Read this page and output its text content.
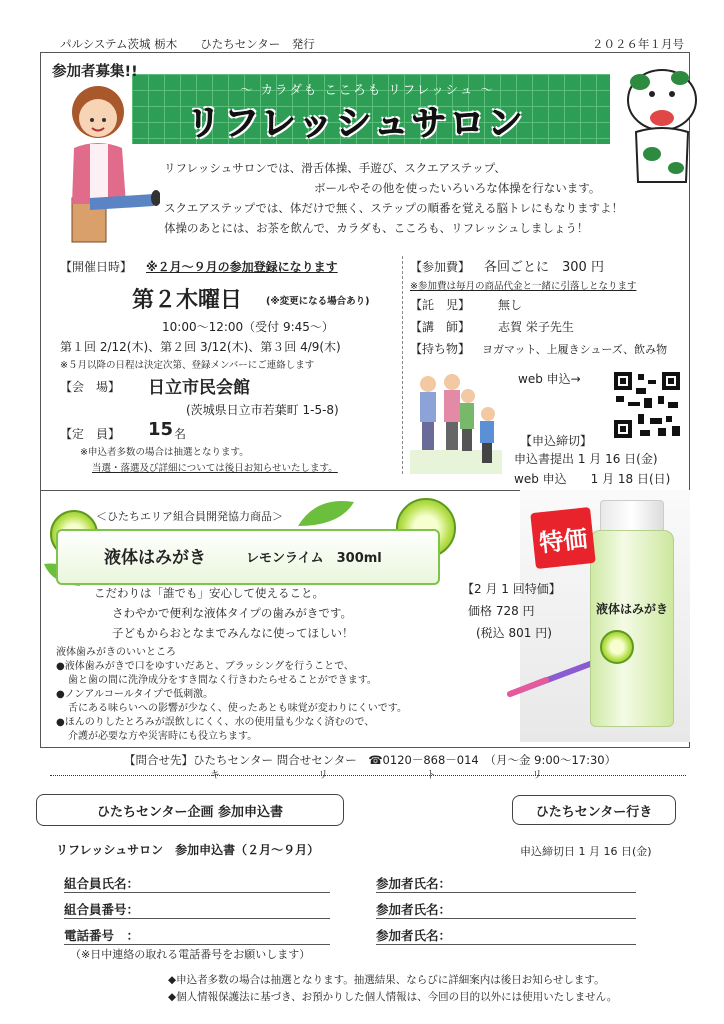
パルシステム茨城 栃木　　ひたちセンター　発行	２０２６年１月号
参加者募集!!
～ カラダも こころも リフレッシュ ～
リフレッシュサロン
リフレッシュサロンでは、滑舌体操、手遊び、スクエアステップ、
ボールやその他を使ったいろいろな体操を行ないます。
スクエアステップでは、体だけで無く、ステップの順番を覚える脳トレにもなりますよ！
体操のあとには、お茶を飲んで、カラダも、こころも、リフレッシュしましょう！
【開催日時】 ※２月～９月の参加登録になります
第２木曜日	(※変更になる場合あり)
10:00～12:00（受付 9:45～）
第１回 2/12(木)、第２回 3/12(木)、第３回 4/9(木)
※５月以降の日程は決定次第、登録メンバーにご連絡します
【会　場】 日立市民会館
(茨城県日立市若葉町 1-5-8)
【定　員】 15 名
※申込者多数の場合は抽選となります。
当選・落選及び詳細については後日お知らせいたします。
【参加費】 各回ごとに　300 円
※参加費は毎月の商品代金と一緒に引落しとなります
【託　児】 無し
【講　師】 志賀 栄子先生
【持ち物】 ヨガマット、上履きシューズ、飲み物
web 申込→
【申込締切】
申込書提出 1 月 16 日(金)
web 申込　　1 月 18 日(日)
＜ひたちエリア組合員開発協力商品＞
液体はみがき	レモンライム　300ml
こだわりは「誰でも」安心して使えること。
さわやかで便利な液体タイプの歯みがきです。
子どもからおとなまでみんなに使ってほしい！
液体歯みがきのいいところ
●液体歯みがきで口をゆすいだあと、ブラッシングを行うことで、
歯と歯の間に洗浄成分をすき間なく行きわたらせることができます。
●ノンアルコールタイプで低刺激。
舌にある味らいへの影響が少なく、使ったあとも味覚が変わりにくいです。
●ほんのりしたとろみが誤飲しにくく、水の使用量も少なく済むので、
介護が必要な方や災害時にも役立ちます。
液体はみがき
特価
【2 月 1 回特価】
価格 728 円
(税込 801 円)
【問合せ先】ひたちセンター 問合せセンター　☎0120－868－014　（月～金 9:00～17:30）
キ	リ	ト	リ
ひたちセンター企画 参加申込書	ひたちセンター行き
リフレッシュサロン　参加申込書（２月～９月）	申込締切日 1 月 16 日(金)
組合員氏名：
組合員番号：
電話番号　：
（※日中連絡の取れる電話番号をお願いします）
参加者氏名：
参加者氏名：
参加者氏名：
◆申込者多数の場合は抽選となります。抽選結果、ならびに詳細案内は後日お知らせします。
◆個人情報保護法に基づき、お預かりした個人情報は、今回の目的以外には使用いたしません。
